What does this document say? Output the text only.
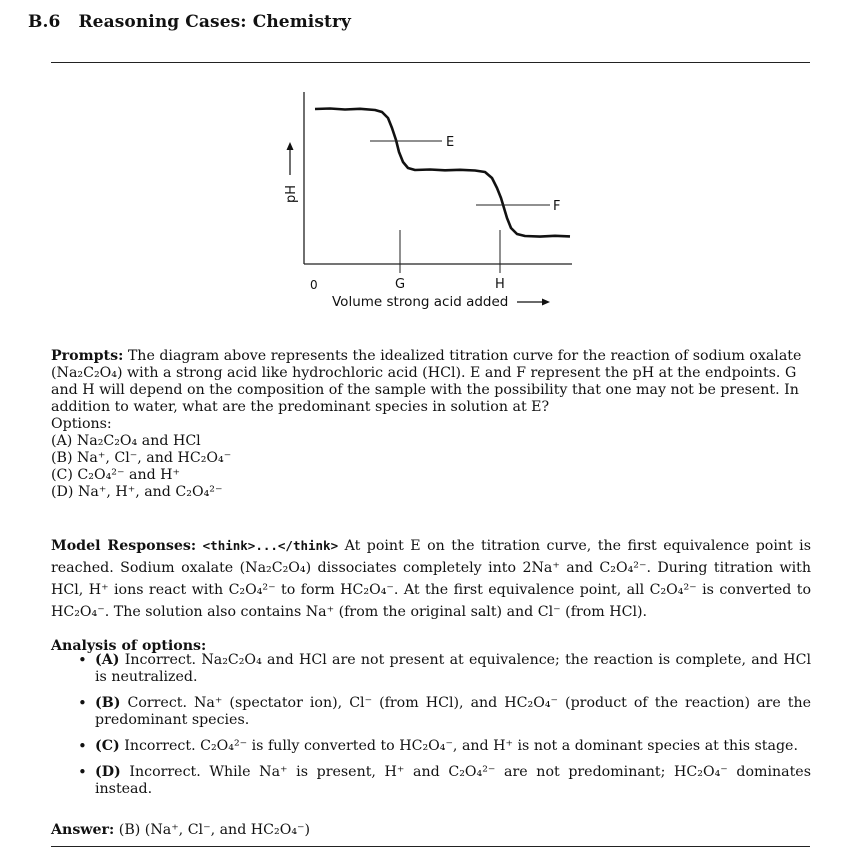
B.6 Reasoning Cases: Chemistry
E
F
G	H
0
pH
Volume strong acid added
Prompts: The diagram above represents the idealized titration curve for the reaction of sodium oxalate (Na₂C₂O₄) with a strong acid like hydrochloric acid (HCl). E and F represent the pH at the endpoints. G and H will depend on the composition of the sample with the possibility that one may not be present. In addition to water, what are the predominant species in solution at E?
Options:
(A) Na₂C₂O₄ and HCl
(B) Na⁺, Cl⁻, and HC₂O₄⁻
(C) C₂O₄²⁻ and H⁺
(D) Na⁺, H⁺, and C₂O₄²⁻
Model Responses: <think>...</think> At point E on the titration curve, the first equivalence point is reached. Sodium oxalate (Na₂C₂O₄) dissociates completely into 2Na⁺ and C₂O₄²⁻. During titration with HCl, H⁺ ions react with C₂O₄²⁻ to form HC₂O₄⁻. At the first equivalence point, all C₂O₄²⁻ is converted to HC₂O₄⁻. The solution also contains Na⁺ (from the original salt) and Cl⁻ (from HCl).
Analysis of options:
• (A) Incorrect. Na₂C₂O₄ and HCl are not present at equivalence; the reaction is complete, and HCl is neutralized.
• (B) Correct. Na⁺ (spectator ion), Cl⁻ (from HCl), and HC₂O₄⁻ (product of the reaction) are the predominant species.
• (C) Incorrect. C₂O₄²⁻ is fully converted to HC₂O₄⁻, and H⁺ is not a dominant species at this stage.
• (D) Incorrect. While Na⁺ is present, H⁺ and C₂O₄²⁻ are not predominant; HC₂O₄⁻ dominates instead.
Answer: (B) (Na⁺, Cl⁻, and HC₂O₄⁻)
